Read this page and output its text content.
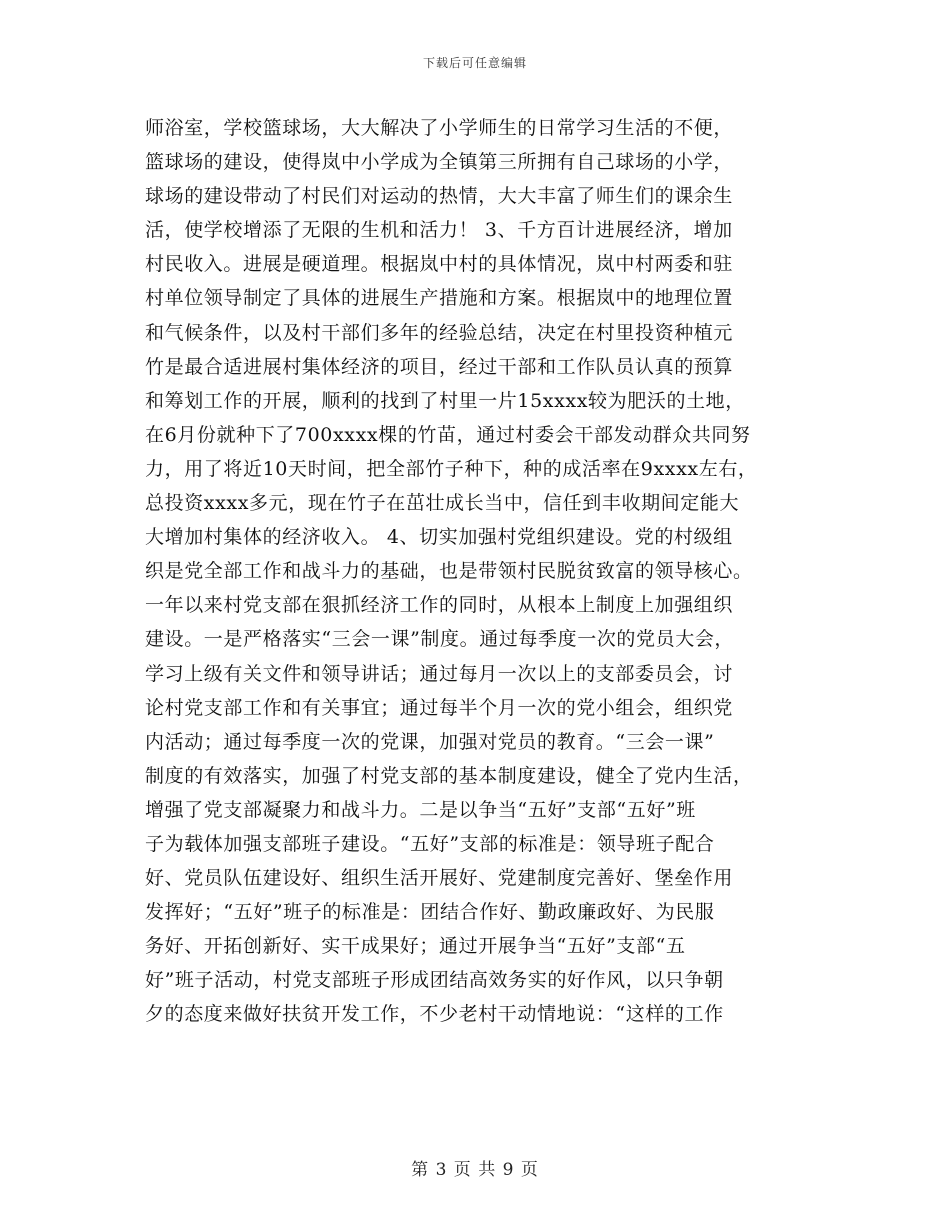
下载后可任意编辑
师浴室，学校篮球场，大大解决了小学师生的日常学习生活的不便，
篮球场的建设，使得岚中小学成为全镇第三所拥有自己球场的小学，
球场的建设带动了村民们对运动的热情，大大丰富了师生们的课余生
活，使学校增添了无限的生机和活力！ 3、千方百计进展经济，增加
村民收入。进展是硬道理。根据岚中村的具体情况，岚中村两委和驻
村单位领导制定了具体的进展生产措施和方案。根据岚中的地理位置
和气候条件，以及村干部们多年的经验总结，决定在村里投资种植元
竹是最合适进展村集体经济的项目，经过干部和工作队员认真的预算
和筹划工作的开展，顺利的找到了村里一片15xxxx较为肥沃的土地，
在6月份就种下了700xxxx棵的竹苗，通过村委会干部发动群众共同努
力，用了将近10天时间，把全部竹子种下，种的成活率在9xxxx左右，
总投资xxxx多元，现在竹子在茁壮成长当中，信任到丰收期间定能大
大增加村集体的经济收入。 4、切实加强村党组织建设。党的村级组
织是党全部工作和战斗力的基础，也是带领村民脱贫致富的领导核心。
一年以来村党支部在狠抓经济工作的同时，从根本上制度上加强组织
建设。一是严格落实“三会一课”制度。通过每季度一次的党员大会，
学习上级有关文件和领导讲话；通过每月一次以上的支部委员会，讨
论村党支部工作和有关事宜；通过每半个月一次的党小组会，组织党
内活动；通过每季度一次的党课，加强对党员的教育。“三会一课”
制度的有效落实，加强了村党支部的基本制度建设，健全了党内生活，
增强了党支部凝聚力和战斗力。二是以争当“五好”支部“五好”班
子为载体加强支部班子建设。“五好”支部的标准是：领导班子配合
好、党员队伍建设好、组织生活开展好、党建制度完善好、堡垒作用
发挥好；“五好”班子的标准是：团结合作好、勤政廉政好、为民服
务好、开拓创新好、实干成果好；通过开展争当“五好”支部“五
好”班子活动，村党支部班子形成团结高效务实的好作风，以只争朝
夕的态度来做好扶贫开发工作，不少老村干动情地说：“这样的工作
第 3 页 共 9 页
